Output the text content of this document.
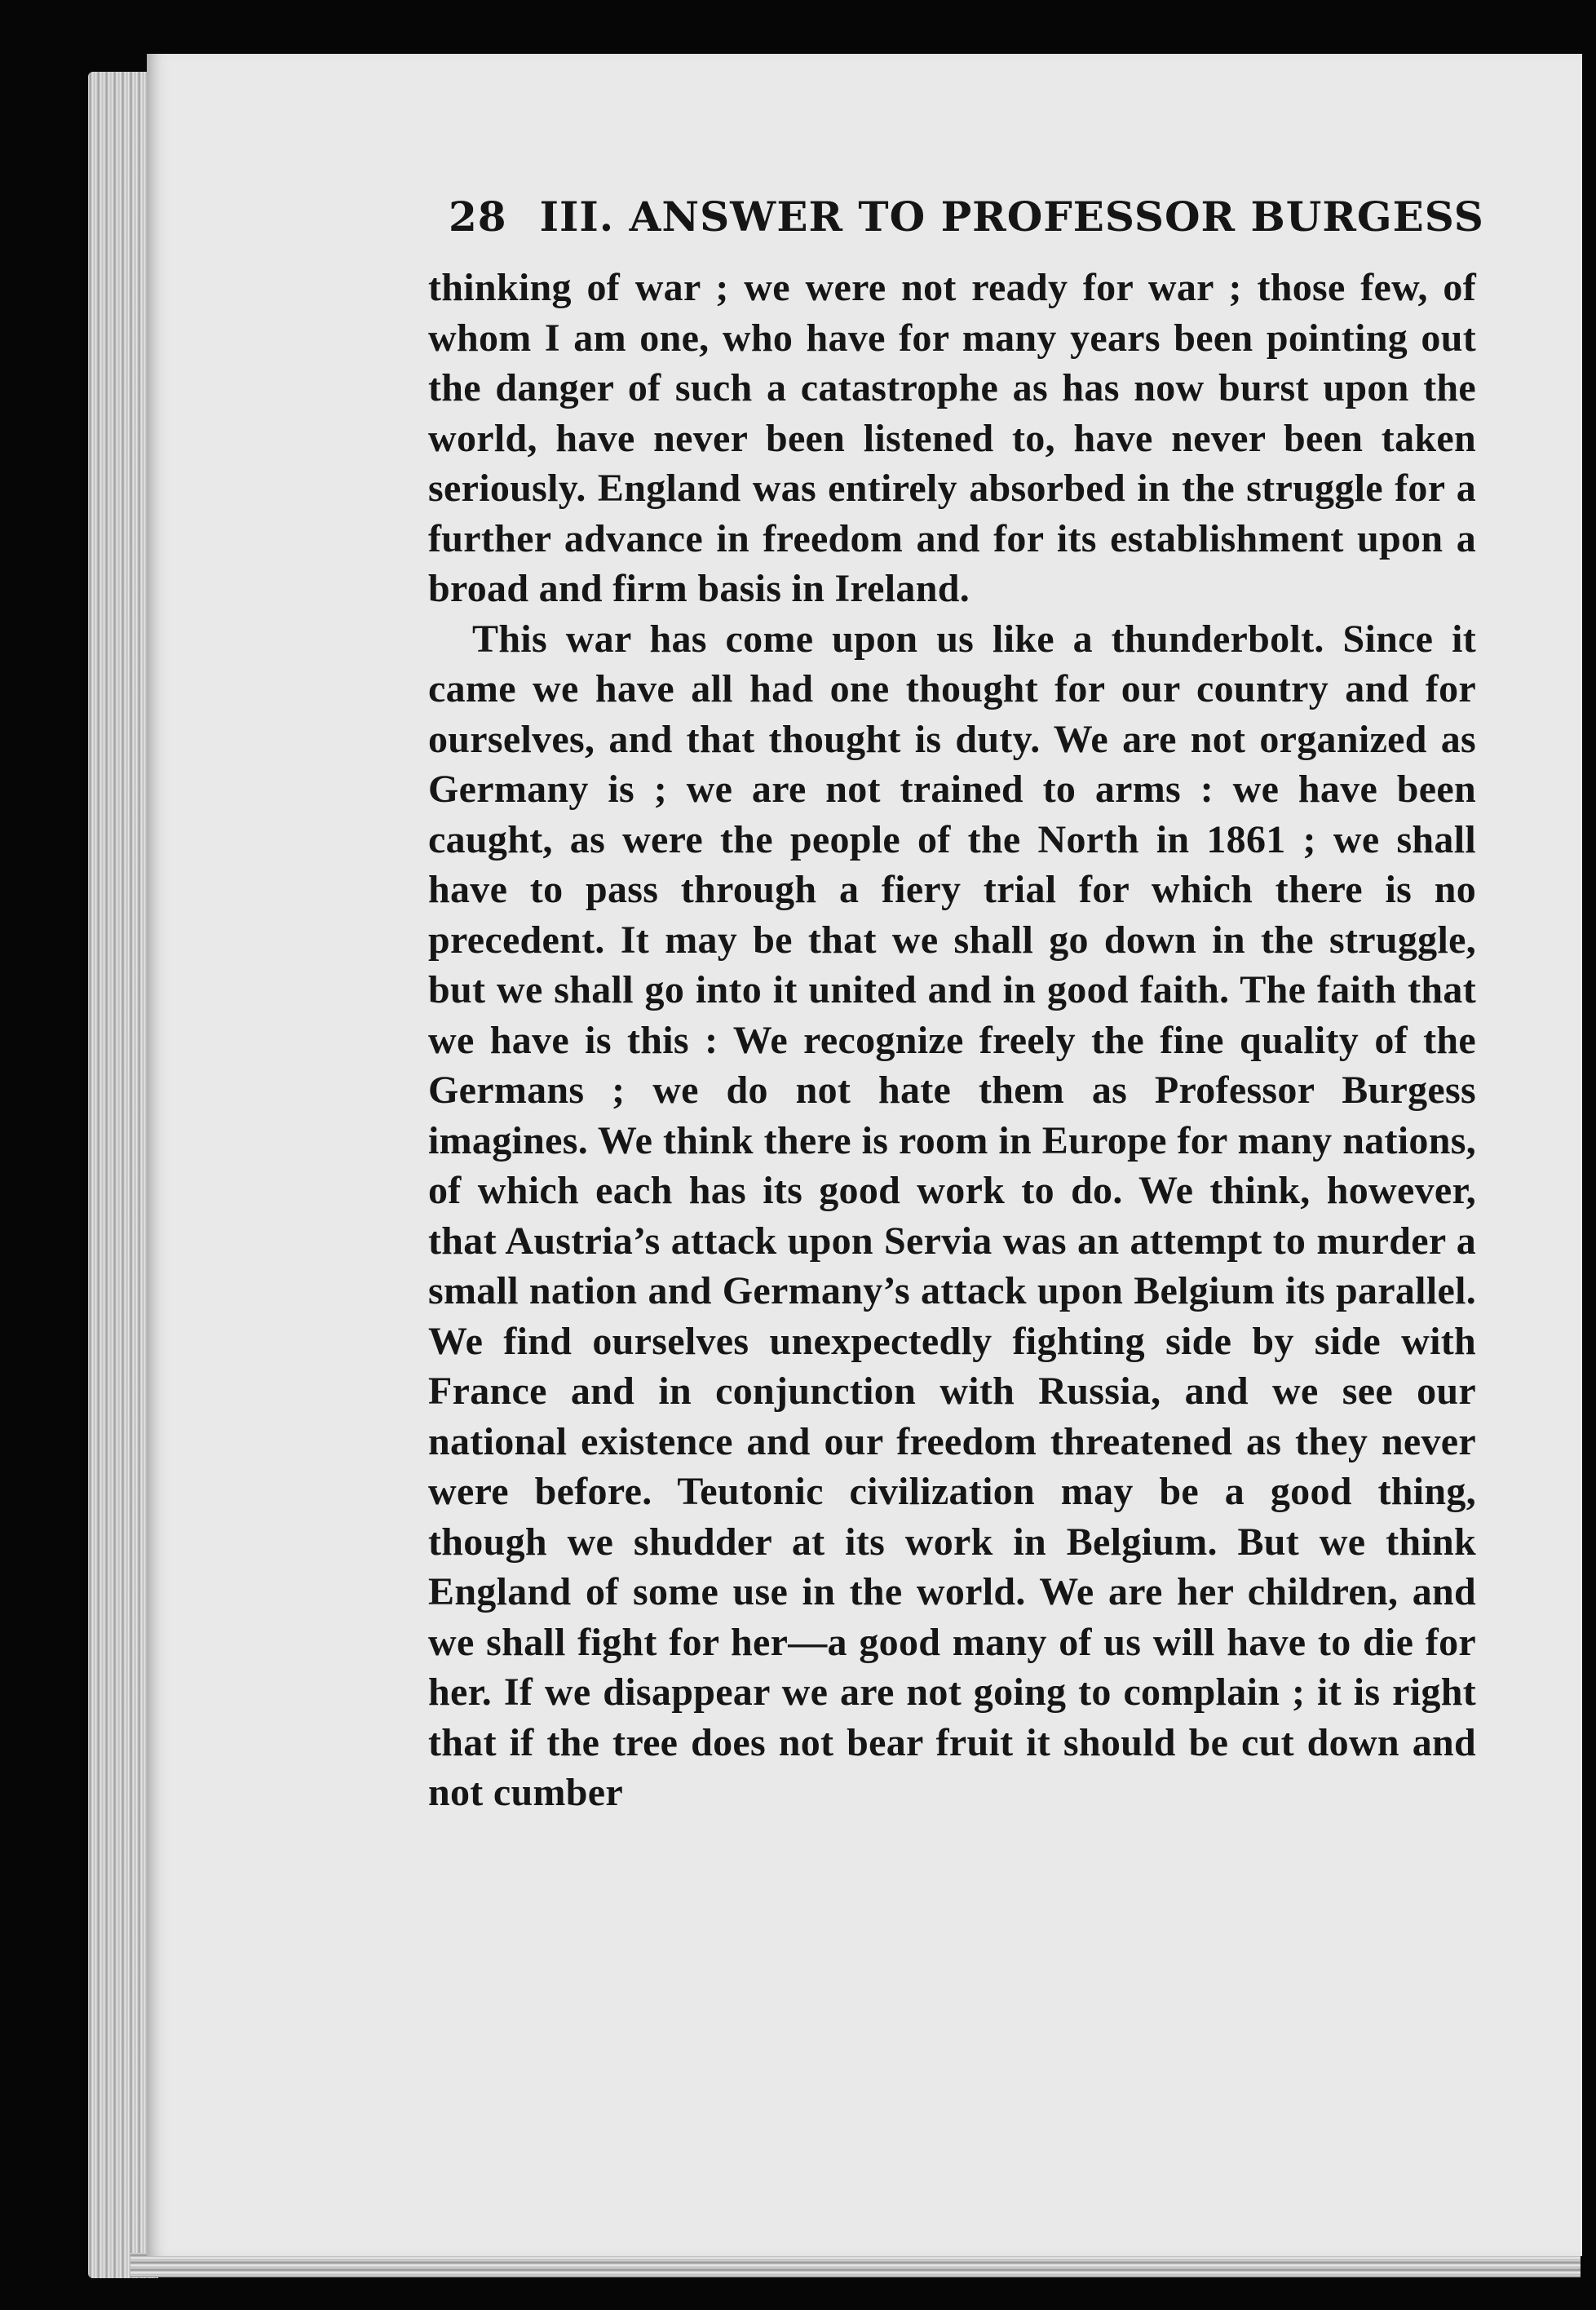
28 III. ANSWER TO PROFESSOR BURGESS

thinking of war ; we were not ready for war ; those few, of whom I am one, who have for many years been pointing out the danger of such a catastrophe as has now burst upon the world, have never been listened to, have never been taken seriously. England was entirely absorbed in the struggle for a further advance in freedom and for its establishment upon a broad and firm basis in Ireland.

This war has come upon us like a thunderbolt. Since it came we have all had one thought for our country and for ourselves, and that thought is duty. We are not organized as Germany is ; we are not trained to arms : we have been caught, as were the people of the North in 1861 ; we shall have to pass through a fiery trial for which there is no precedent. It may be that we shall go down in the struggle, but we shall go into it united and in good faith. The faith that we have is this : We recognize freely the fine quality of the Germans ; we do not hate them as Professor Burgess imagines. We think there is room in Europe for many nations, of which each has its good work to do. We think, however, that Austria’s attack upon Servia was an attempt to murder a small nation and Germany’s attack upon Belgium its parallel. We find ourselves unexpectedly fighting side by side with France and in conjunction with Russia, and we see our national existence and our freedom threatened as they never were before. Teutonic civilization may be a good thing, though we shudder at its work in Belgium. But we think England of some use in the world. We are her children, and we shall fight for her—a good many of us will have to die for her. If we disappear we are not going to complain ; it is right that if the tree does not bear fruit it should be cut down and not cumber
